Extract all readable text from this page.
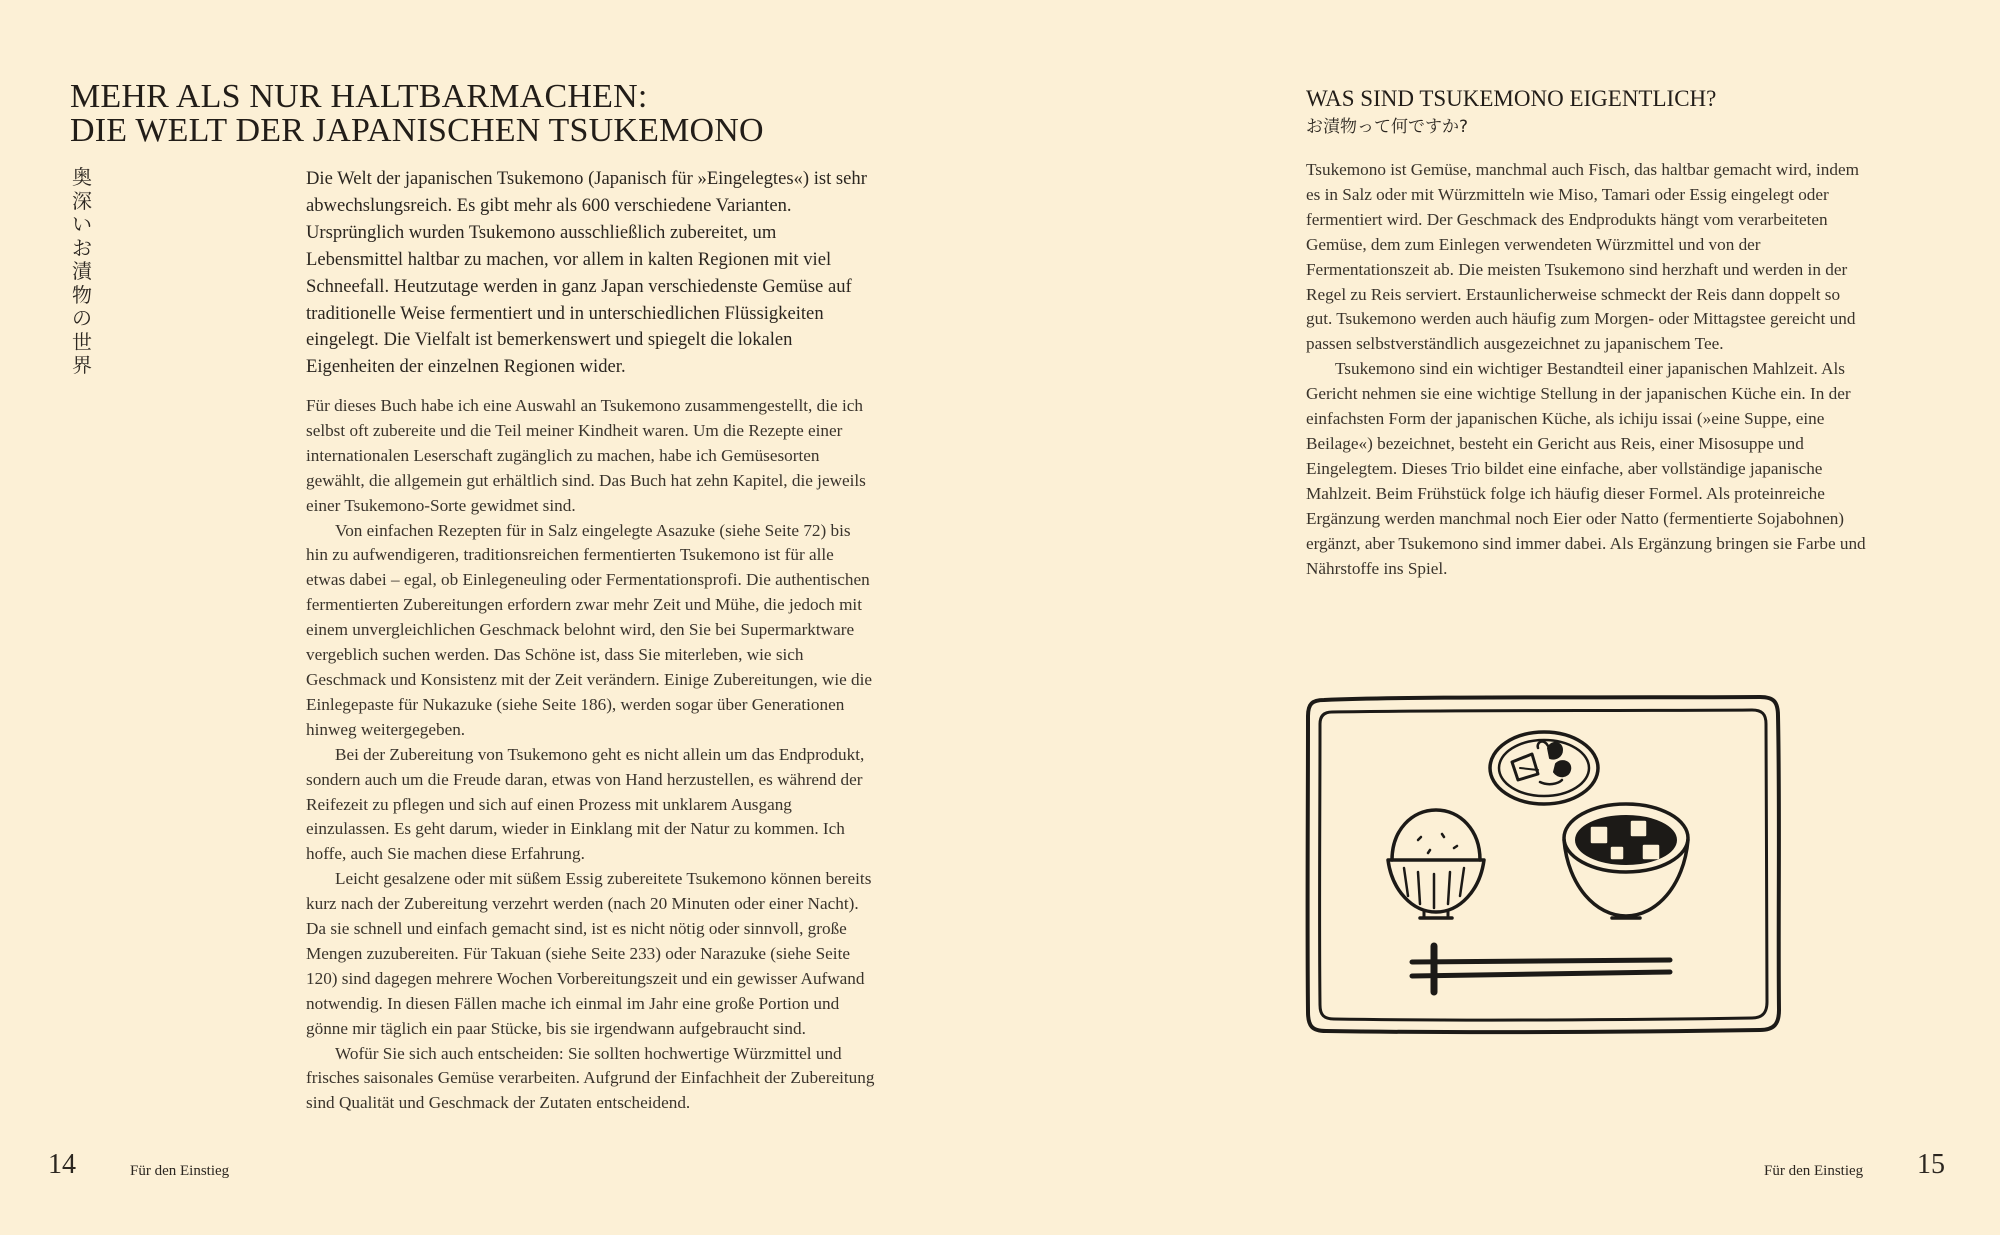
MEHR ALS NUR HALTBARMACHEN:
DIE WELT DER JAPANISCHEN TSUKEMONO
奥
深
い
お
漬
物
の
世
界

Die Welt der japanischen Tsukemono (Japanisch für »Eingelegtes«) ist sehr abwechslungsreich. Es gibt mehr als 600 verschiedene Varianten. Ursprünglich wurden Tsukemono ausschließlich zubereitet, um Lebensmittel haltbar zu machen, vor allem in kalten Regionen mit viel Schneefall. Heutzutage werden in ganz Japan verschiedenste Gemüse auf traditionelle Weise fermentiert und in unterschiedlichen Flüssigkeiten eingelegt. Die Vielfalt ist bemerkenswert und spiegelt die lokalen Eigenheiten der einzelnen Regionen wider.

Für dieses Buch habe ich eine Auswahl an Tsukemono zusammengestellt, die ich selbst oft zubereite und die Teil meiner Kindheit waren. Um die Rezepte einer internationalen Leserschaft zugänglich zu machen, habe ich Gemüsesorten gewählt, die allgemein gut erhältlich sind. Das Buch hat zehn Kapitel, die jeweils einer Tsukemono-Sorte gewidmet sind.

Von einfachen Rezepten für in Salz eingelegte Asazuke (siehe Seite 72) bis hin zu aufwendigeren, traditionsreichen fermentierten Tsukemono ist für alle etwas dabei – egal, ob Einlegeneuling oder Fermentationsprofi. Die authentischen fermentierten Zubereitungen erfordern zwar mehr Zeit und Mühe, die jedoch mit einem unvergleichlichen Geschmack belohnt wird, den Sie bei Supermarktware vergeblich suchen werden. Das Schöne ist, dass Sie miterleben, wie sich Geschmack und Konsistenz mit der Zeit verändern. Einige Zubereitungen, wie die Einlegepaste für Nukazuke (siehe Seite 186), werden sogar über Generationen hinweg weitergegeben.

Bei der Zubereitung von Tsukemono geht es nicht allein um das Endprodukt, sondern auch um die Freude daran, etwas von Hand herzustellen, es während der Reifezeit zu pflegen und sich auf einen Prozess mit unklarem Ausgang einzulassen. Es geht darum, wieder in Einklang mit der Natur zu kommen. Ich hoffe, auch Sie machen diese Erfahrung.

Leicht gesalzene oder mit süßem Essig zubereitete Tsukemono können bereits kurz nach der Zubereitung verzehrt werden (nach 20 Minuten oder einer Nacht). Da sie schnell und einfach gemacht sind, ist es nicht nötig oder sinnvoll, große Mengen zuzubereiten. Für Takuan (siehe Seite 233) oder Narazuke (siehe Seite 120) sind dagegen mehrere Wochen Vorbereitungszeit und ein gewisser Aufwand notwendig. In diesen Fällen mache ich einmal im Jahr eine große Portion und gönne mir täglich ein paar Stücke, bis sie irgendwann aufgebraucht sind.

Wofür Sie sich auch entscheiden: Sie sollten hochwertige Würzmittel und frisches saisonales Gemüse verarbeiten. Aufgrund der Einfachheit der Zubereitung sind Qualität und Geschmack der Zutaten entscheidend.

14	Für den Einstieg
WAS SIND TSUKEMONO EIGENTLICH?
お漬物って何ですか?

Tsukemono ist Gemüse, manchmal auch Fisch, das haltbar gemacht wird, indem es in Salz oder mit Würzmitteln wie Miso, Tamari oder Essig eingelegt oder fermentiert wird. Der Geschmack des Endprodukts hängt vom verarbeiteten Gemüse, dem zum Einlegen verwendeten Würzmittel und von der Fermentationszeit ab. Die meisten Tsukemono sind herzhaft und werden in der Regel zu Reis serviert. Erstaunlicherweise schmeckt der Reis dann doppelt so gut. Tsukemono werden auch häufig zum Morgen- oder Mittagstee gereicht und passen selbstverständlich ausgezeichnet zu japanischem Tee.

Tsukemono sind ein wichtiger Bestandteil einer japanischen Mahlzeit. Als Gericht nehmen sie eine wichtige Stellung in der japanischen Küche ein. In der einfachsten Form der japanischen Küche, als ichiju issai (»eine Suppe, eine Beilage«) bezeichnet, besteht ein Gericht aus Reis, einer Misosuppe und Eingelegtem. Dieses Trio bildet eine einfache, aber vollständige japanische Mahlzeit. Beim Frühstück folge ich häufig dieser Formel. Als proteinreiche Ergänzung werden manchmal noch Eier oder Natto (fermentierte Sojabohnen) ergänzt, aber Tsukemono sind immer dabei. Als Ergänzung bringen sie Farbe und Nährstoffe ins Spiel.

15
Für den Einstieg
